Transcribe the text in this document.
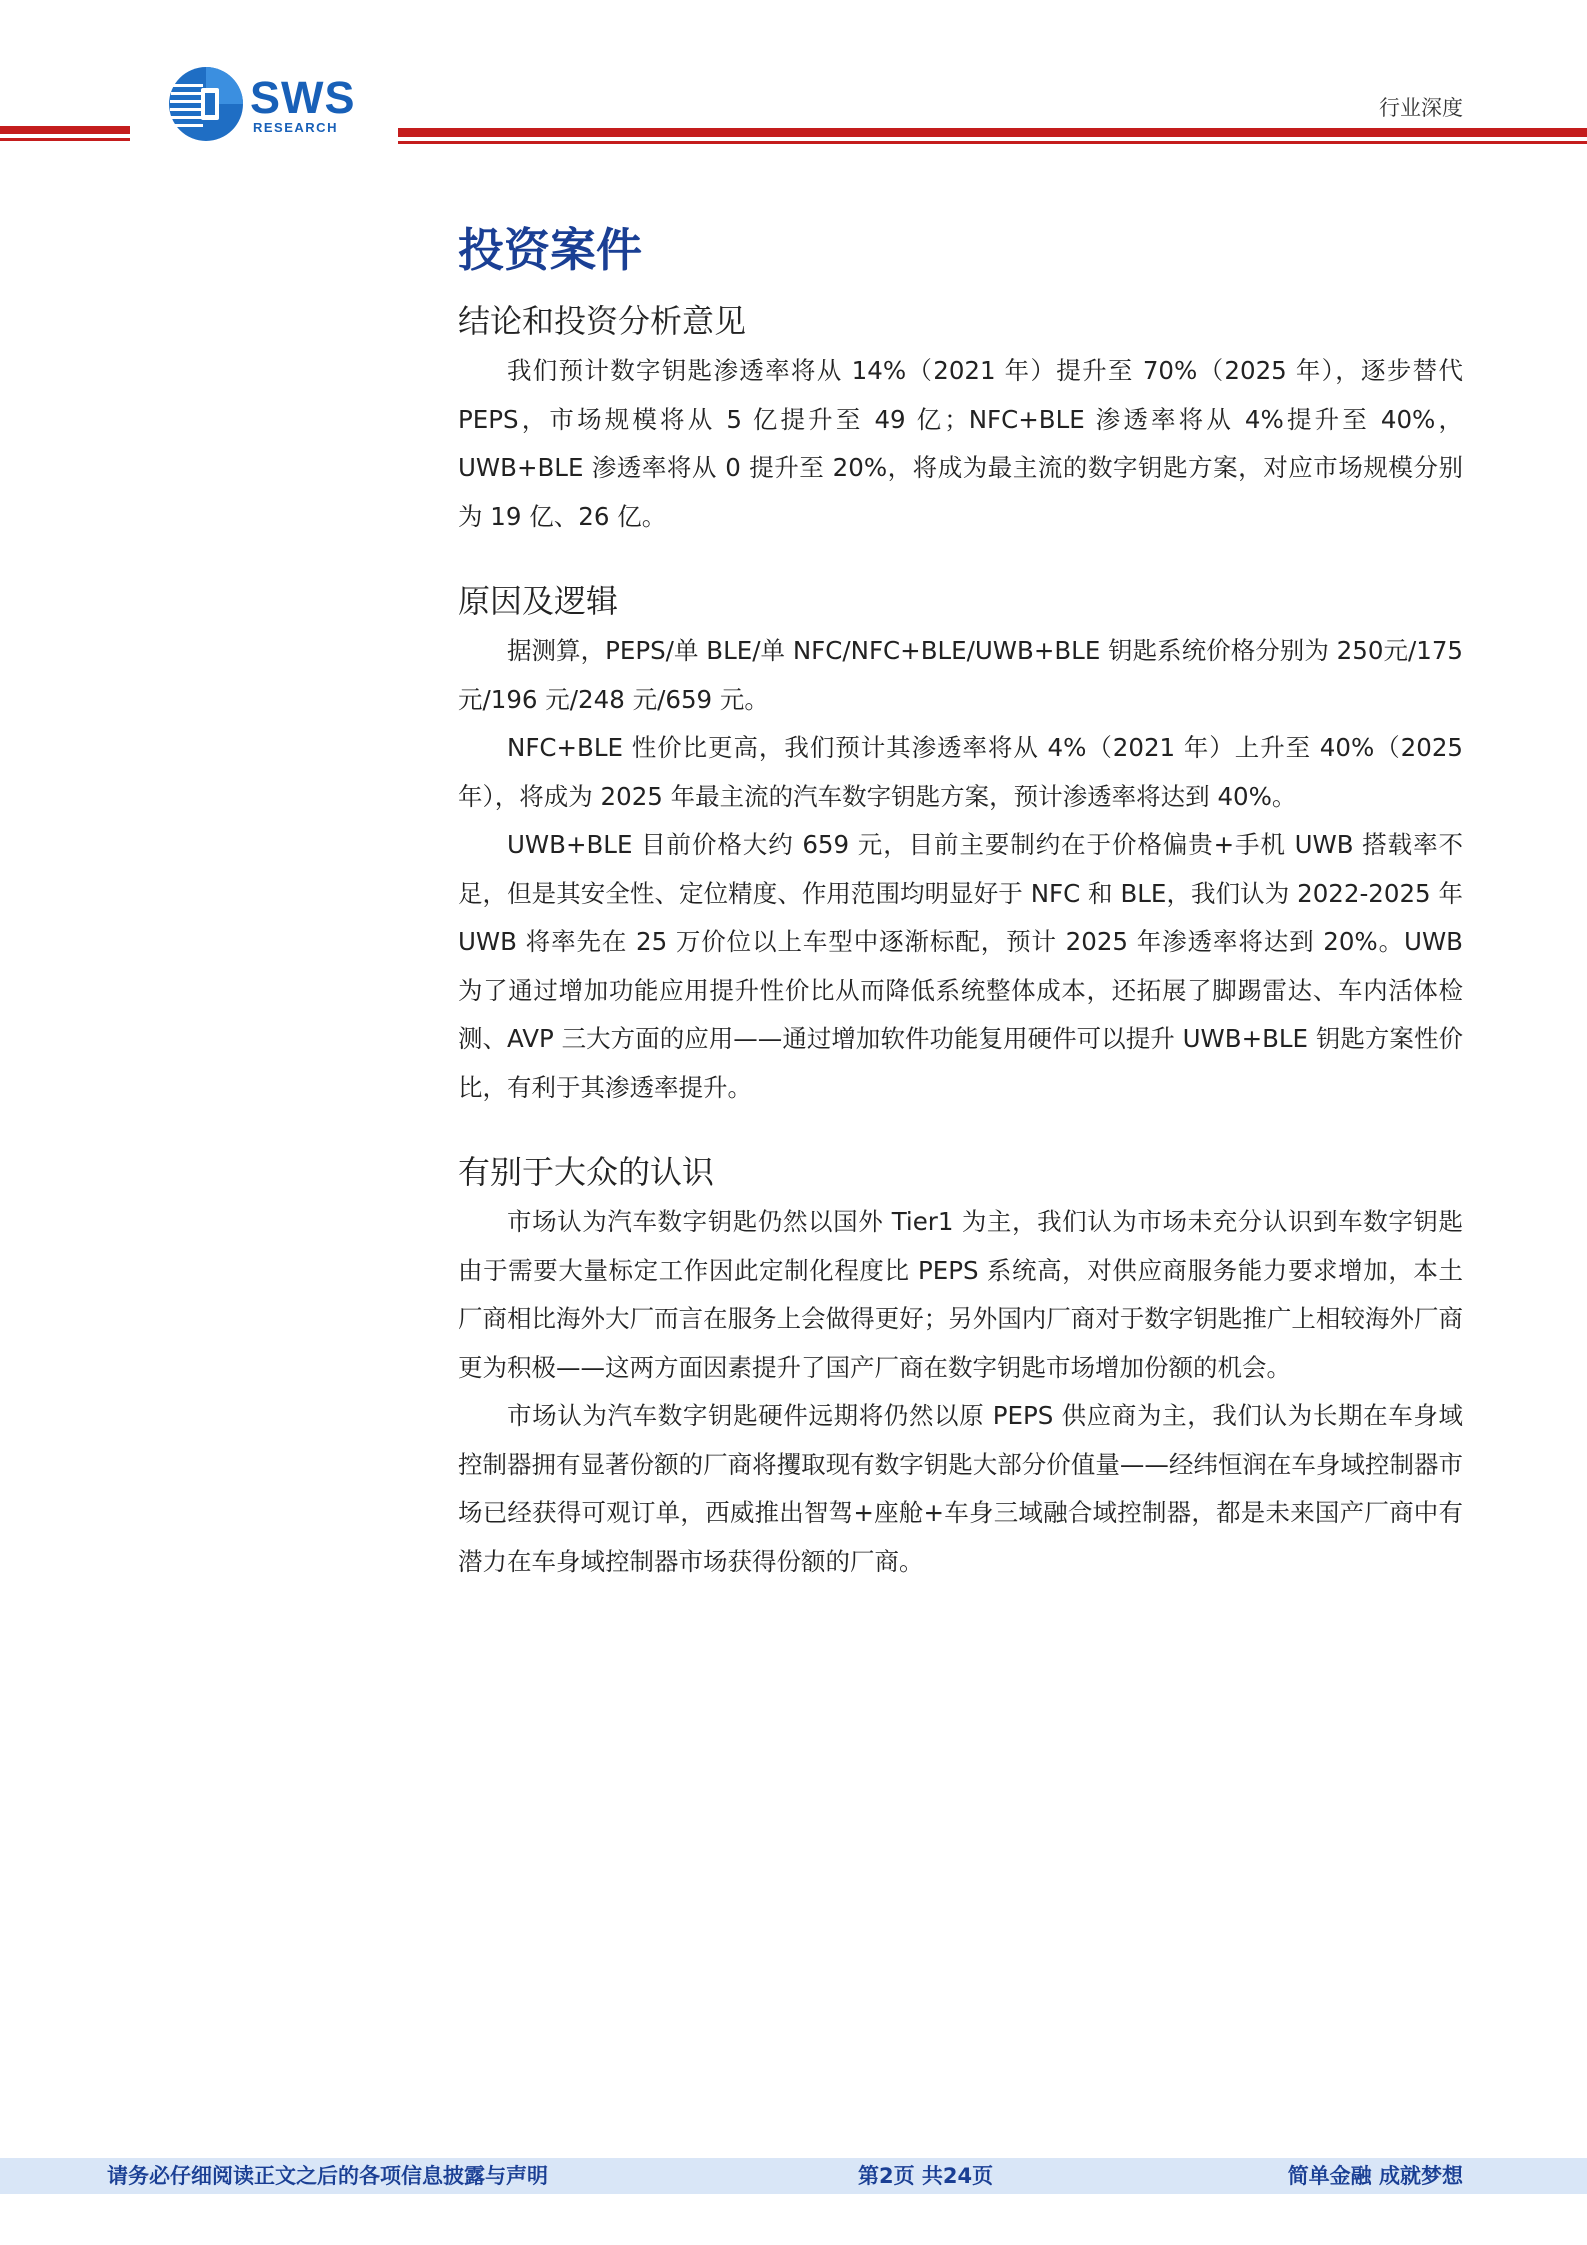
SWS
RESEARCH
行业深度
投资案件
结论和投资分析意见

我们预计数字钥匙渗透率将从 14%（2021 年）提升至 70%（2025 年），逐步替代 PEPS，市场规模将从 5 亿提升至 49 亿；NFC+BLE 渗透率将从 4%提升至 40%，UWB+BLE 渗透率将从 0 提升至 20%，将成为最主流的数字钥匙方案，对应市场规模分别为 19 亿、26 亿。

原因及逻辑

据测算，PEPS/单 BLE/单 NFC/NFC+BLE/UWB+BLE 钥匙系统价格分别为 250元/175 元/196 元/248 元/659 元。

NFC+BLE 性价比更高，我们预计其渗透率将从 4%（2021 年）上升至 40%（2025 年），将成为 2025 年最主流的汽车数字钥匙方案，预计渗透率将达到 40%。

UWB+BLE 目前价格大约 659 元，目前主要制约在于价格偏贵+手机 UWB 搭载率不足，但是其安全性、定位精度、作用范围均明显好于 NFC 和 BLE，我们认为 2022-2025 年 UWB 将率先在 25 万价位以上车型中逐渐标配，预计 2025 年渗透率将达到 20%。UWB 为了通过增加功能应用提升性价比从而降低系统整体成本，还拓展了脚踢雷达、车内活体检测、AVP 三大方面的应用——通过增加软件功能复用硬件可以提升 UWB+BLE 钥匙方案性价比，有利于其渗透率提升。

有别于大众的认识

市场认为汽车数字钥匙仍然以国外 Tier1 为主，我们认为市场未充分认识到车数字钥匙由于需要大量标定工作因此定制化程度比 PEPS 系统高，对供应商服务能力要求增加，本土厂商相比海外大厂而言在服务上会做得更好；另外国内厂商对于数字钥匙推广上相较海外厂商更为积极——这两方面因素提升了国产厂商在数字钥匙市场增加份额的机会。

市场认为汽车数字钥匙硬件远期将仍然以原 PEPS 供应商为主，我们认为长期在车身域控制器拥有显著份额的厂商将攫取现有数字钥匙大部分价值量——经纬恒润在车身域控制器市场已经获得可观订单，西威推出智驾+座舱+车身三域融合域控制器，都是未来国产厂商中有潜力在车身域控制器市场获得份额的厂商。

请务必仔细阅读正文之后的各项信息披露与声明	第2页 共24页	简单金融 成就梦想
